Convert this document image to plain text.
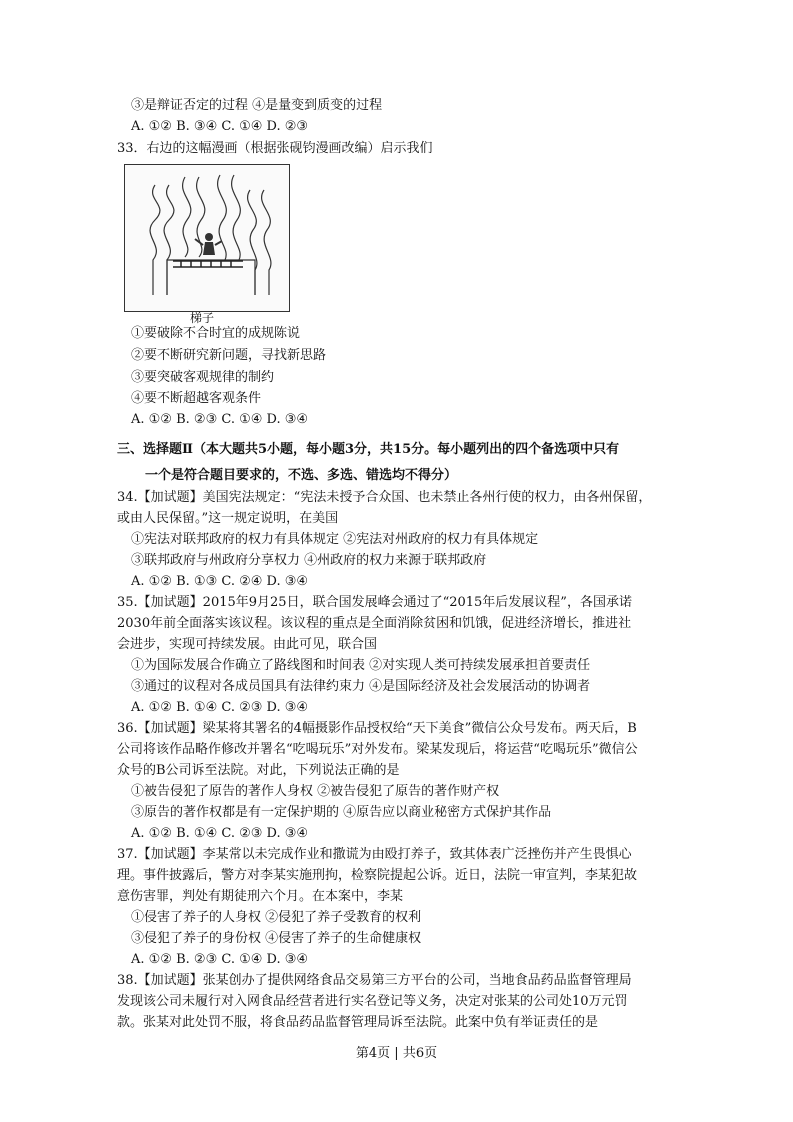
③是辩证否定的过程 ④是量变到质变的过程
A. ①② B. ③④ C. ①④ D. ②③
33．右边的这幅漫画（根据张砚钧漫画改编）启示我们
梯子
①要破除不合时宜的成规陈说
②要不断研究新问题，寻找新思路
③要突破客观规律的制约
④要不断超越客观条件
A. ①② B. ②③ C. ①④ D. ③④
三、选择题Ⅱ（本大题共5小题，每小题3分，共15分。每小题列出的四个备选项中只有
一个是符合题目要求的，不选、多选、错选均不得分）
34.【加试题】美国宪法规定：“宪法未授予合众国、也未禁止各州行使的权力，由各州保留，
或由人民保留。”这一规定说明，在美国
①宪法对联邦政府的权力有具体规定 ②宪法对州政府的权力有具体规定
③联邦政府与州政府分享权力 ④州政府的权力来源于联邦政府
A. ①② B. ①③ C. ②④ D. ③④
35.【加试题】2015年9月25日，联合国发展峰会通过了“2015年后发展议程”，各国承诺
2030年前全面落实该议程。该议程的重点是全面消除贫困和饥饿，促进经济增长，推进社
会进步，实现可持续发展。由此可见，联合国
①为国际发展合作确立了路线图和时间表 ②对实现人类可持续发展承担首要责任
③通过的议程对各成员国具有法律约束力 ④是国际经济及社会发展活动的协调者
A. ①② B. ①④ C. ②③ D. ③④
36.【加试题】梁某将其署名的4幅摄影作品授权给“天下美食”微信公众号发布。两天后，B
公司将该作品略作修改并署名“吃喝玩乐”对外发布。梁某发现后，将运营“吃喝玩乐”微信公
众号的B公司诉至法院。对此，下列说法正确的是
①被告侵犯了原告的著作人身权 ②被告侵犯了原告的著作财产权
③原告的著作权都是有一定保护期的 ④原告应以商业秘密方式保护其作品
A. ①② B. ①④ C. ②③ D. ③④
37.【加试题】李某常以未完成作业和撒谎为由殴打养子，致其体表广泛挫伤并产生畏惧心
理。事件披露后，警方对李某实施刑拘，检察院提起公诉。近日，法院一审宣判，李某犯故
意伤害罪，判处有期徒刑六个月。在本案中，李某
①侵害了养子的人身权 ②侵犯了养子受教育的权利
③侵犯了养子的身份权 ④侵害了养子的生命健康权
A. ①② B. ②③ C. ①④ D. ③④
38.【加试题】张某创办了提供网络食品交易第三方平台的公司，当地食品药品监督管理局
发现该公司未履行对入网食品经营者进行实名登记等义务，决定对张某的公司处10万元罚
款。张某对此处罚不服，将食品药品监督管理局诉至法院。此案中负有举证责任的是
第4页 | 共6页
